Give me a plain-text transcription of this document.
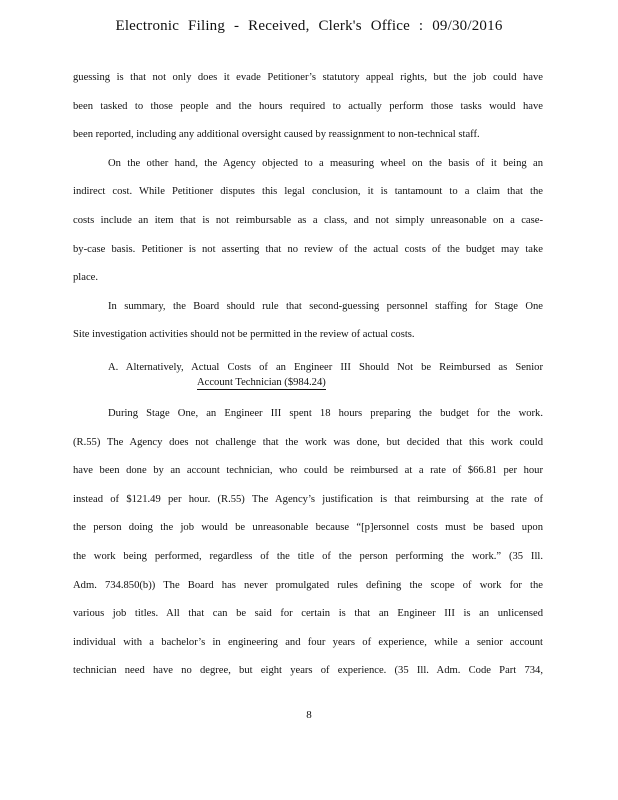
Electronic Filing - Received, Clerk's Office : 09/30/2016
guessing is that not only does it evade Petitioner’s statutory appeal rights, but the job could have
been tasked to those people and the hours required to actually perform those tasks would have
been reported, including any additional oversight caused by reassignment to non-technical staff.
On the other hand, the Agency objected to a measuring wheel on the basis of it being an
indirect cost. While Petitioner disputes this legal conclusion, it is tantamount to a claim that the
costs include an item that is not reimbursable as a class, and not simply unreasonable on a case-
by-case basis. Petitioner is not asserting that no review of the actual costs of the budget may take
place.
In summary, the Board should rule that second-guessing personnel staffing for Stage One
Site investigation activities should not be permitted in the review of actual costs.
A. Alternatively, Actual Costs of an Engineer III Should Not be Reimbursed as Senior
Account Technician ($984.24)
During Stage One, an Engineer III spent 18 hours preparing the budget for the work.
(R.55) The Agency does not challenge that the work was done, but decided that this work could
have been done by an account technician, who could be reimbursed at a rate of $66.81 per hour
instead of $121.49 per hour. (R.55) The Agency’s justification is that reimbursing at the rate of
the person doing the job would be unreasonable because “[p]ersonnel costs must be based upon
the work being performed, regardless of the title of the person performing the work.” (35 Ill.
Adm. 734.850(b)) The Board has never promulgated rules defining the scope of work for the
various job titles. All that can be said for certain is that an Engineer III is an unlicensed
individual with a bachelor’s in engineering and four years of experience, while a senior account
technician need have no degree, but eight years of experience. (35 Ill. Adm. Code Part 734,
8
